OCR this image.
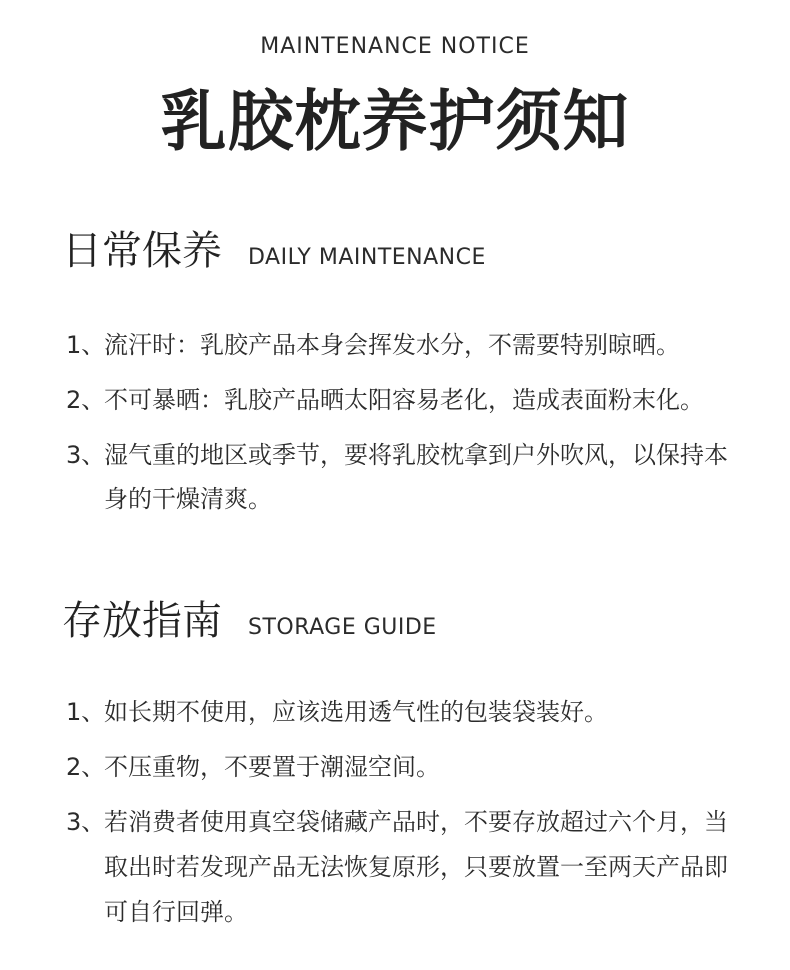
MAINTENANCE NOTICE
乳胶枕养护须知
日常保养 DAILY MAINTENANCE
1、
流汗时：乳胶产品本身会挥发水分，不需要特别晾晒。
2、
不可暴晒：乳胶产品晒太阳容易老化，造成表面粉末化。
3、
湿气重的地区或季节，要将乳胶枕拿到户外吹风，以保持本身的干燥清爽。
存放指南 STORAGE GUIDE
1、
如长期不使用，应该选用透气性的包装袋装好。
2、
不压重物，不要置于潮湿空间。
3、
若消费者使用真空袋储藏产品时，不要存放超过六个月，当取出时若发现产品无法恢复原形，只要放置一至两天产品即可自行回弹。
